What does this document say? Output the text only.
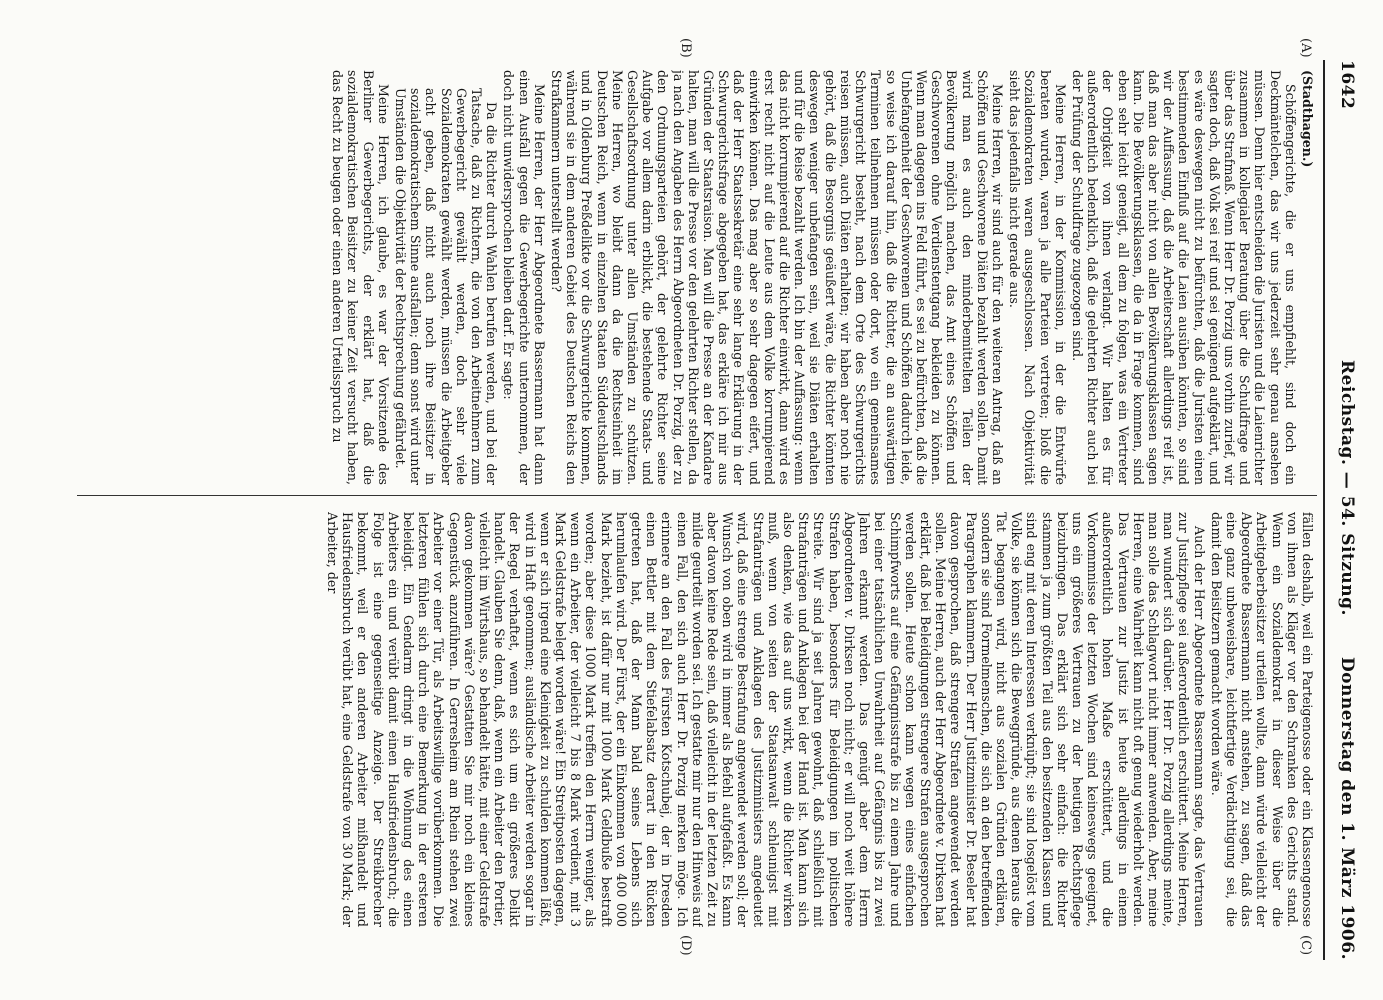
1642
Reichstag. — 54. Sitzung.
Donnerstag den 1. März 1906.
(A)
(B)
(C)
(D)

(Stadthagen.)

Schöffengerichte, die er uns empfiehlt, sind doch ein Deckmäntelchen, das wir uns jederzeit sehr genau ansehen müssen. Denn hier entscheiden die Juristen und die Laienrichter zusammen in kollegialer Beratung über die Schuldfrage und über das Strafmaß. Wenn Herr Dr. Porzig uns vorhin zurief, wir sagten doch, daß Volk sei reif und sei genügend aufgeklärt, und es wäre deswegen nicht zu befürchten, daß die Juristen einen bestimmenden Einfluß auf die Laien ausüben könnten, so sind wir der Auffassung, daß die Arbeiterschaft allerdings reif ist, daß man das aber nicht von allen Bevölkerungsklassen sagen kann. Die Bevölkerungsklassen, die da in Frage kommen, sind eben sehr leicht geneigt, all dem zu folgen, was ein Vertreter der Obrigkeit von ihnen verlangt. Wir halten es für außerordentlich bedenklich, daß die gelehrten Richter auch bei der Prüfung der Schuldfrage zugezogen sind.

Meine Herren, in der Kommission, in der die Entwürfe beraten wurden, waren ja alle Parteien vertreten; bloß die Sozialdemokraten waren ausgeschlossen. Nach Objektivität sieht das jedenfalls nicht gerade aus.

Meine Herren, wir sind auch für den weiteren Antrag, daß an Schöffen und Geschworene Diäten bezahlt werden sollen. Damit wird man es auch den minderbemittelten Teilen der Bevölkerung möglich machen, das Amt eines Schöffen und Geschworenen ohne Verdienstentgang bekleiden zu können. Wenn man dagegen ins Feld führt, es sei zu befürchten, daß die Unbefangenheit der Geschworenen und Schöffen dadurch leide, so weise ich darauf hin, daß die Richter, die an auswärtigen Terminen teilnehmen müssen oder dort, wo ein gemeinsames Schwurgericht besteht, nach dem Orte des Schwurgerichts reisen müssen, auch Diäten erhalten; wir haben aber noch nie gehört, daß die Besorgnis geäußert wäre, die Richter könnten deswegen weniger unbefangen sein, weil sie Diäten erhalten und für die Reise bezahlt werden. Ich bin der Auffassung: wenn das nicht korrumpierend auf die Richter einwirkt, dann wird es erst recht nicht auf die Leute aus dem Volke korrumpierend einwirken können. Das mag aber so sehr dagegen eifert, und daß der Herr Staatssekretär eine sehr lange Erklärung in der Schwurgerichtsfrage abgegeben hat, das erkläre ich mir aus Gründen der Staatsraison. Man will die Presse an der Kandare halten, man will die Presse vor den gelehrten Richter stellen, da ja nach den Angaben des Herrn Abgeordneten Dr. Porzig, der zu den Ordnungsparteien gehört, der gelehrte Richter seine Aufgabe vor allem darin erblickt, die bestehende Staats- und Gesellschaftsordnung unter allen Umständen zu schützen. Meine Herren, wo bleibt dann da die Rechtseinheit im Deutschen Reich, wenn in einzelnen Staaten Süddeutschlands und in Oldenburg Preßdelikte vor die Schwurgerichte kommen, während sie in dem anderen Gebiet des Deutschen Reichs den Strafkammern unterstellt werden?

Meine Herren, der Herr Abgeordnete Bassermann hat dann einen Ausfall gegen die Gewerbegerichte unternommen, der doch nicht unwidersprochen bleiben darf. Er sagte:

Da die Richter durch Wahlen berufen werden, und bei der Tatsache, daß zu Richtern, die von den Arbeitnehmern zum Gewerbegericht gewählt werden, doch sehr viele Sozialdemokraten gewählt werden, müssen die Arbeitgeber acht geben, daß nicht auch noch ihre Beisitzer in sozialdemokratischem Sinne ausfallen; denn sonst wird unter Umständen die Objektivität der Rechtsprechung gefährdet.

Meine Herren, ich glaube, es war der Vorsitzende des Berliner Gewerbegerichts, der erklärt hat, daß die sozialdemokratischen Beisitzer zu keiner Zeit versucht haben, das Recht zu beugen oder einen anderen Urteilsspruch zu

fällen deshalb, weil ein Parteigenosse oder ein Klassengenosse von ihnen als Kläger vor den Schranken des Gerichts stand. Wenn ein Sozialdemokrat in dieser Weise über die Arbeitgeberbeisitzer urteilen wollte, dann würde vielleicht der Abgeordnete Bassermann nicht anstehen, zu sagen, daß das eine ganz unbeweisbare, leichtfertige Verdächtigung sei, die damit den Beisitzern gemacht worden wäre.

Auch der Herr Abgeordnete Bassermann sagte, das Vertrauen zur Justizpflege sei außerordentlich erschüttert. Meine Herren, man wundert sich darüber. Herr Dr. Porzig allerdings meinte, man solle das Schlagwort nicht immer anwenden. Aber, meine Herren, eine Wahrheit kann nicht oft genug wiederholt werden. Das Vertrauen zur Justiz ist heute allerdings in einem außerordentlich hohen Maße erschüttert, und die Vorkommnisse der letzten Wochen sind keineswegs geeignet, uns ein größeres Vertrauen zu der heutigen Rechtspflege beizubringen. Das erklärt sich sehr einfach: die Richter stammen ja zum größten Teil aus den besitzenden Klassen und sind eng mit deren Interessen verknüpft; sie sind losgelöst vom Volke, sie können sich die Beweggründe, aus denen heraus die Tat begangen wird, nicht aus sozialen Gründen erklären, sondern sie sind Formelmenschen, die sich an den betreffenden Paragraphen klammern. Der Herr Justizminister Dr. Beseler hat davon gesprochen, daß strengere Strafen angewendet werden sollen. Meine Herren, auch der Herr Abgeordnete v. Dirksen hat erklärt, daß bei Beleidigungen strengere Strafen ausgesprochen werden sollen. Heute schon kann wegen eines einfachen Schimpfworts auf eine Gefängnisstrafe bis zu einem Jahre und bei einer tatsächlichen Unwahrheit auf Gefängnis bis zu zwei Jahren erkannt werden. Das genügt aber dem Herrn Abgeordneten v. Dirksen noch nicht; er will noch weit höhere Strafen haben, besonders für Beleidigungen im politischen Streite. Wir sind ja seit Jahren gewohnt, daß schließlich mit Strafanträgen und Anklagen bei der Hand ist. Man kann sich also denken, wie das auf uns wirkt, wenn die Richter wirken muß, wenn von seiten der Staatsanwalt schleunigst mit Strafanträgen und Anklagen des Justizministers angedeutet wird, daß eine strenge Bestrafung angewendet werden soll; der Wunsch von oben wird in immer als Befehl aufgefaßt. Es kann aber davon keine Rede sein, daß vielleicht in der letzten Zeit zu milde geurteilt worden sei. Ich gestatte mir nur den Hinweis auf einen Fall, den sich auch Herr Dr. Porzig merken möge. Ich erinnere an den Fall des Fürsten Kotschubej, der in Dresden einen Bettler mit dem Stiefelabsatz derart in den Rücken getreten hat, daß der Mann bald seines Lebens sich herumlaufen wird. Der Fürst, der ein Einkommen von 400 000 Mark bezieht, ist dafür nur mit 1000 Mark Geldbuße bestraft worden; aber diese 1000 Mark treffen den Herrn weniger, als wenn ein Arbeiter, der vielleicht 7 bis 8 Mark verdient, mit 3 Mark Geldstrafe belegt worden wäre! Ein Streitposten dagegen, wenn er sich irgend eine Kleinigkeit zu schulden kommen läßt, wird in Haft genommen; ausländische Arbeiter werden sogar in der Regel verhaftet, wenn es sich um ein größeres Delikt handelt. Glauben Sie denn, daß, wenn ein Arbeiter den Portier, vielleicht im Wirtshaus, so behandelt hätte, mit einer Geldstrafe davon gekommen wäre? Gestatten Sie mir noch ein kleines Gegenstück anzuführen. In Gerresheim am Rhein stehen zwei Arbeiter vor einer Tür, als Arbeitswillige vorüberkommen. Die letzteren fühlen sich durch eine Bemerkung in der ersteren beleidigt. Ein Gendarm dringt in die Wohnung des einen Arbeiters ein und verübt damit einen Hausfriedensbruch; die Folge ist eine gegenseitige Anzeige. Der Streikbrecher bekommt, weil er den anderen Arbeiter mißhandelt und Hausfriedensbruch verübt hat, eine Geldstrafe von 30 Mark; der Arbeiter, der
